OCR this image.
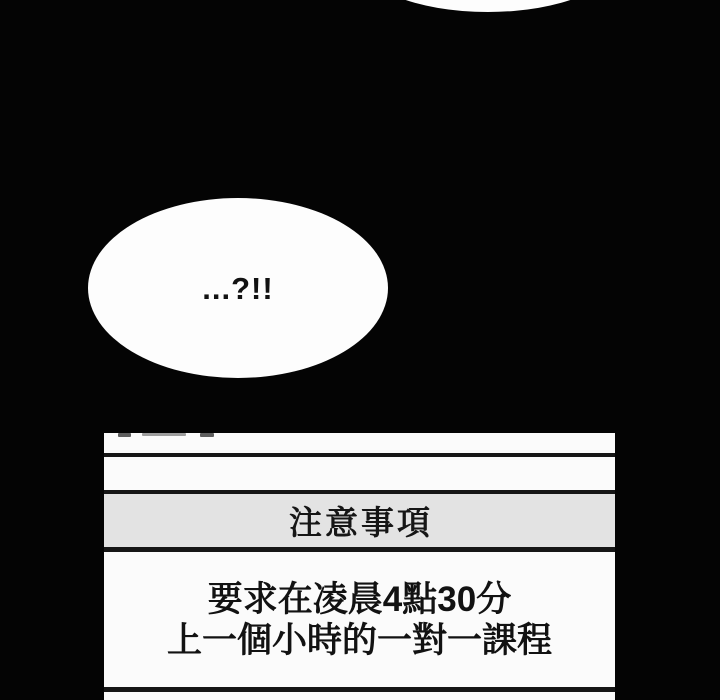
...?!!
注意事項
要求在凌晨4點30分
上一個小時的一對一課程
